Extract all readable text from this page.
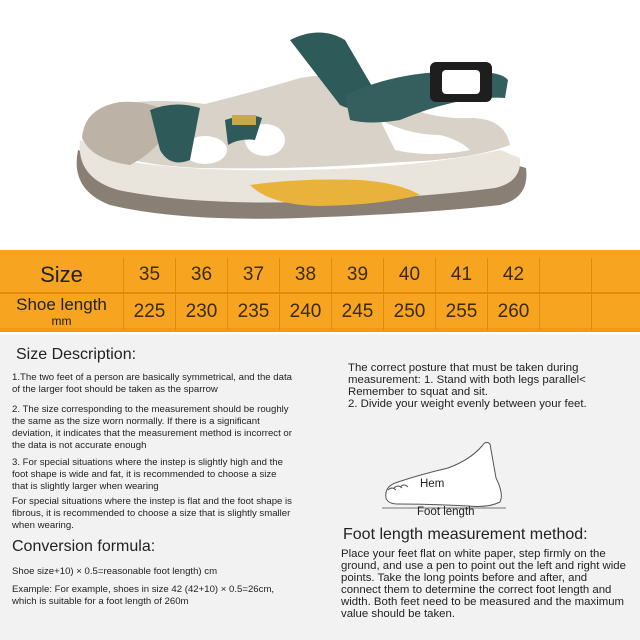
Size
Shoe length
mm
35	36	37	38	39	40	41	42
225	230	235	240	245	250	255	260
Size Description:
1.The two feet of a person are basically symmetrical, and the data of the larger foot should be taken as the sparrow
2. The size corresponding to the measurement should be roughly the same as the size worn normally. If there is a significant deviation, it indicates that the measurement method is incorrect or the data is not accurate enough
3. For special situations where the instep is slightly high and the foot shape is wide and fat, it is recommended to choose a size that is slightly larger when wearing
For special situations where the instep is flat and the foot shape is fibrous, it is recommended to choose a size that is slightly smaller when wearing.
Conversion formula:
Shoe size+10) × 0.5=reasonable foot length) cm
Example: For example, shoes in size 42 (42+10) × 0.5=26cm, which is suitable for a foot length of 260m
The correct posture that must be taken during measurement: 1. Stand with both legs parallel< Remember to squat and sit.
2. Divide your weight evenly between your feet.
Hem
Foot length
Foot length measurement method:
Place your feet flat on white paper, step firmly on the ground, and use a pen to point out the left and right wide points. Take the long points before and after, and connect them to determine the correct foot length and width. Both feet need to be measured and the maximum value should be taken.
